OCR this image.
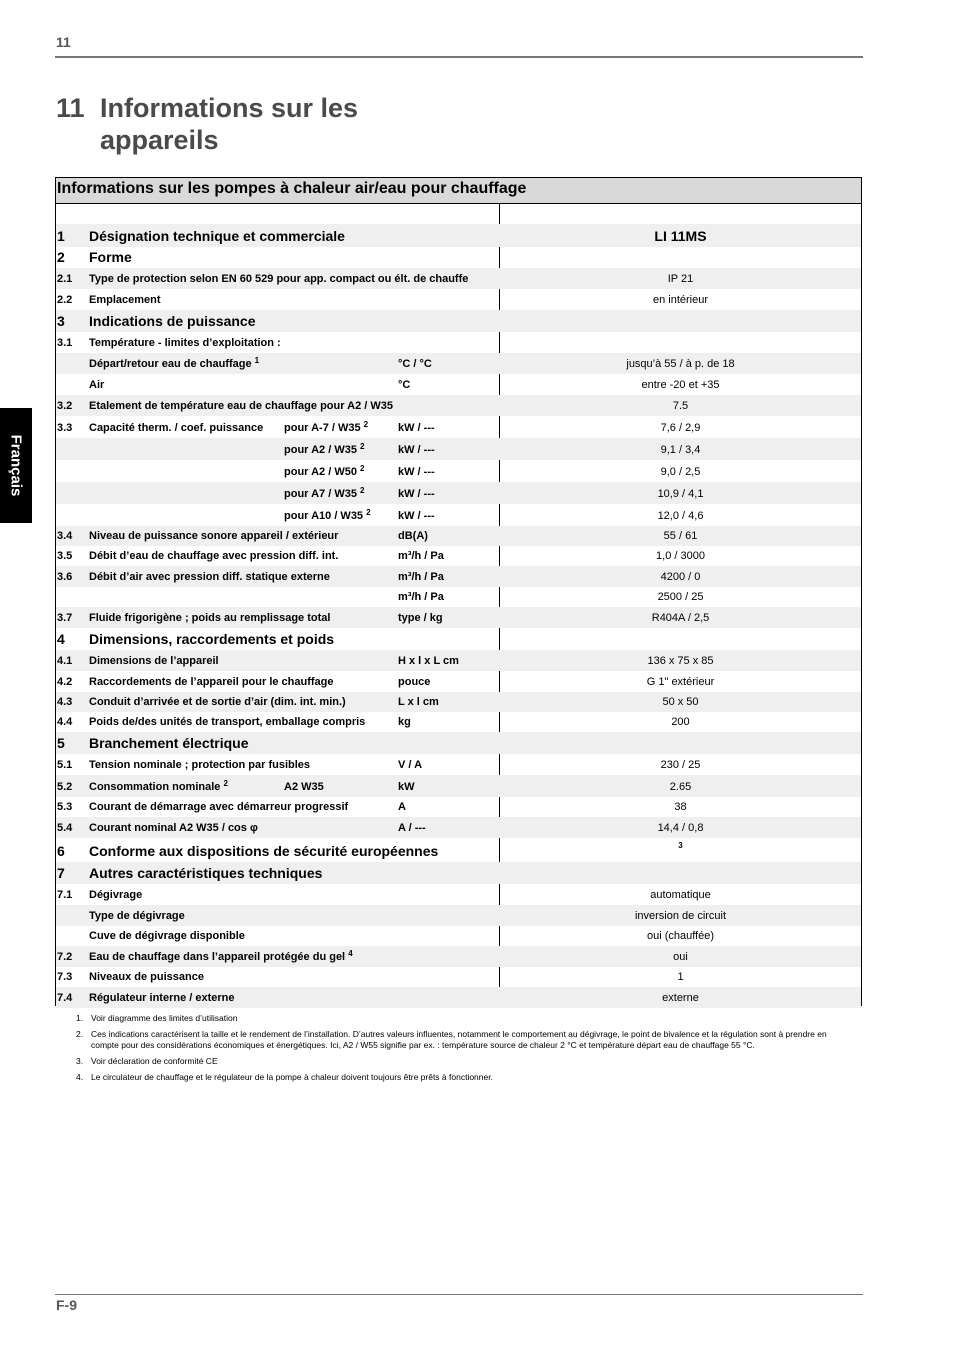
11
11 Informations sur les appareils
Français
Informations sur les pompes à chaleur air/eau pour chauffage
1	Désignation technique et commerciale	LI 11MS
2	Forme
2.1	Type de protection selon EN 60 529 pour app. compact ou élt. de chauffe	IP 21
2.2	Emplacement	en intérieur
3	Indications de puissance
3.1	Température - limites d’exploitation :
Départ/retour eau de chauffage $^1$	°C / °C	jusqu’à 55 / à p. de 18
Air	°C	entre -20 et +35
3.2	Etalement de température eau de chauffage pour A2 / W35	7.5
3.3	Capacité therm. / coef. puissance	pour A-7 / W35 $^2$	kW / ---	7,6 / 2,9
pour A2 / W35 $^2$	kW / ---	9,1 / 3,4
pour A2 / W50 $^2$	kW / ---	9,0 / 2,5
pour A7 / W35 $^2$	kW / ---	10,9 / 4,1
pour A10 / W35 $^2$	kW / ---	12,0 / 4,6
3.4	Niveau de puissance sonore appareil / extérieur	dB(A)	55 / 61
3.5	Débit d’eau de chauffage avec pression diff. int.	m³/h / Pa	1,0 / 3000
3.6	Débit d’air avec pression diff. statique externe	m³/h / Pa	4200 / 0
m³/h / Pa	2500 / 25
3.7	Fluide frigorigène ; poids au remplissage total	type / kg	R404A / 2,5
4	Dimensions, raccordements et poids
4.1	Dimensions de l’appareil	H x l x L cm	136 x 75 x 85
4.2	Raccordements de l’appareil pour le chauffage	pouce	G 1" extérieur
4.3	Conduit d’arrivée et de sortie d’air (dim. int. min.)	L x l cm	50 x 50
4.4	Poids de/des unités de transport, emballage compris	kg	200
5	Branchement électrique
5.1	Tension nominale ; protection par fusibles	V / A	230 / 25
5.2	Consommation nominale $^2$	A2 W35	kW	2.65
5.3	Courant de démarrage avec démarreur progressif	A	38
5.4	Courant nominal A2 W35 / cos φ	A / ---	14,4 / 0,8
6	Conforme aux dispositions de sécurité européennes	3
7	Autres caractéristiques techniques
7.1	Dégivrage	automatique
Type de dégivrage	inversion de circuit
Cuve de dégivrage disponible	oui (chauffée)
7.2	Eau de chauffage dans l’appareil protégée du gel $^4$	oui
7.3	Niveaux de puissance	1
7.4	Régulateur interne / externe	externe
1. Voir diagramme des limites d’utilisation
2. Ces indications caractérisent la taille et le rendement de l’installation. D’autres valeurs influentes, notamment le comportement au dégivrage, le point de bivalence et la régulation sont à prendre en compte pour des considérations économiques et énergétiques. Ici, A2 / W55 signifie par ex. : température source de chaleur 2 °C et température départ eau de chauffage 55 °C.
3. Voir déclaration de conformité CE
4. Le circulateur de chauffage et le régulateur de la pompe à chaleur doivent toujours être prêts à fonctionner.
F-9
